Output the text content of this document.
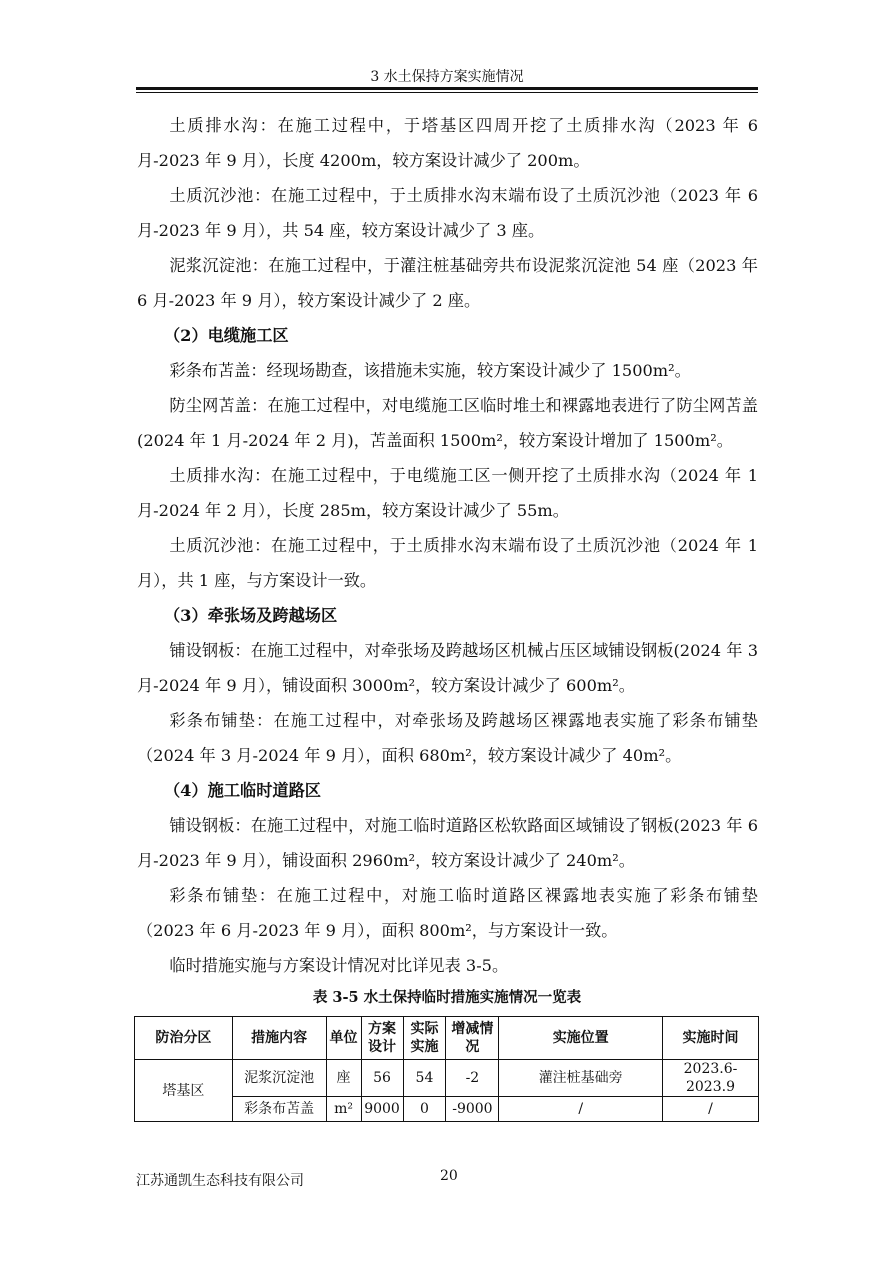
3 水土保持方案实施情况

土质排水沟：在施工过程中，于塔基区四周开挖了土质排水沟（2023 年 6 月-2023 年 9 月），长度 4200m，较方案设计减少了 200m。

土质沉沙池：在施工过程中，于土质排水沟末端布设了土质沉沙池（2023 年 6 月-2023 年 9 月），共 54 座，较方案设计减少了 3 座。

泥浆沉淀池：在施工过程中，于灌注桩基础旁共布设泥浆沉淀池 54 座（2023 年 6 月-2023 年 9 月），较方案设计减少了 2 座。

（2）电缆施工区

彩条布苫盖：经现场勘查，该措施未实施，较方案设计减少了 1500m²。

防尘网苫盖：在施工过程中，对电缆施工区临时堆土和裸露地表进行了防尘网苫盖(2024 年 1 月-2024 年 2 月)，苫盖面积 1500m²，较方案设计增加了 1500m²。

土质排水沟：在施工过程中，于电缆施工区一侧开挖了土质排水沟（2024 年 1 月-2024 年 2 月），长度 285m，较方案设计减少了 55m。

土质沉沙池：在施工过程中，于土质排水沟末端布设了土质沉沙池（2024 年 1 月），共 1 座，与方案设计一致。

（3）牵张场及跨越场区

铺设钢板：在施工过程中，对牵张场及跨越场区机械占压区域铺设钢板(2024 年 3 月-2024 年 9 月），铺设面积 3000m²，较方案设计减少了 600m²。

彩条布铺垫：在施工过程中，对牵张场及跨越场区裸露地表实施了彩条布铺垫（2024 年 3 月-2024 年 9 月），面积 680m²，较方案设计减少了 40m²。

（4）施工临时道路区

铺设钢板：在施工过程中，对施工临时道路区松软路面区域铺设了钢板(2023 年 6 月-2023 年 9 月），铺设面积 2960m²，较方案设计减少了 240m²。

彩条布铺垫：在施工过程中，对施工临时道路区裸露地表实施了彩条布铺垫（2023 年 6 月-2023 年 9 月），面积 800m²，与方案设计一致。

临时措施实施与方案设计情况对比详见表 3-5。

表 3-5 水土保持临时措施实施情况一览表
防治分区	措施内容	单位	方案设计	实际实施	增减情况	实施位置	实施时间
塔基区	泥浆沉淀池	座	56	54	-2	灌注桩基础旁	2023.6-2023.9
	彩条布苫盖	m²	9000	0	-9000	/	/
江苏通凯生态科技有限公司	20
